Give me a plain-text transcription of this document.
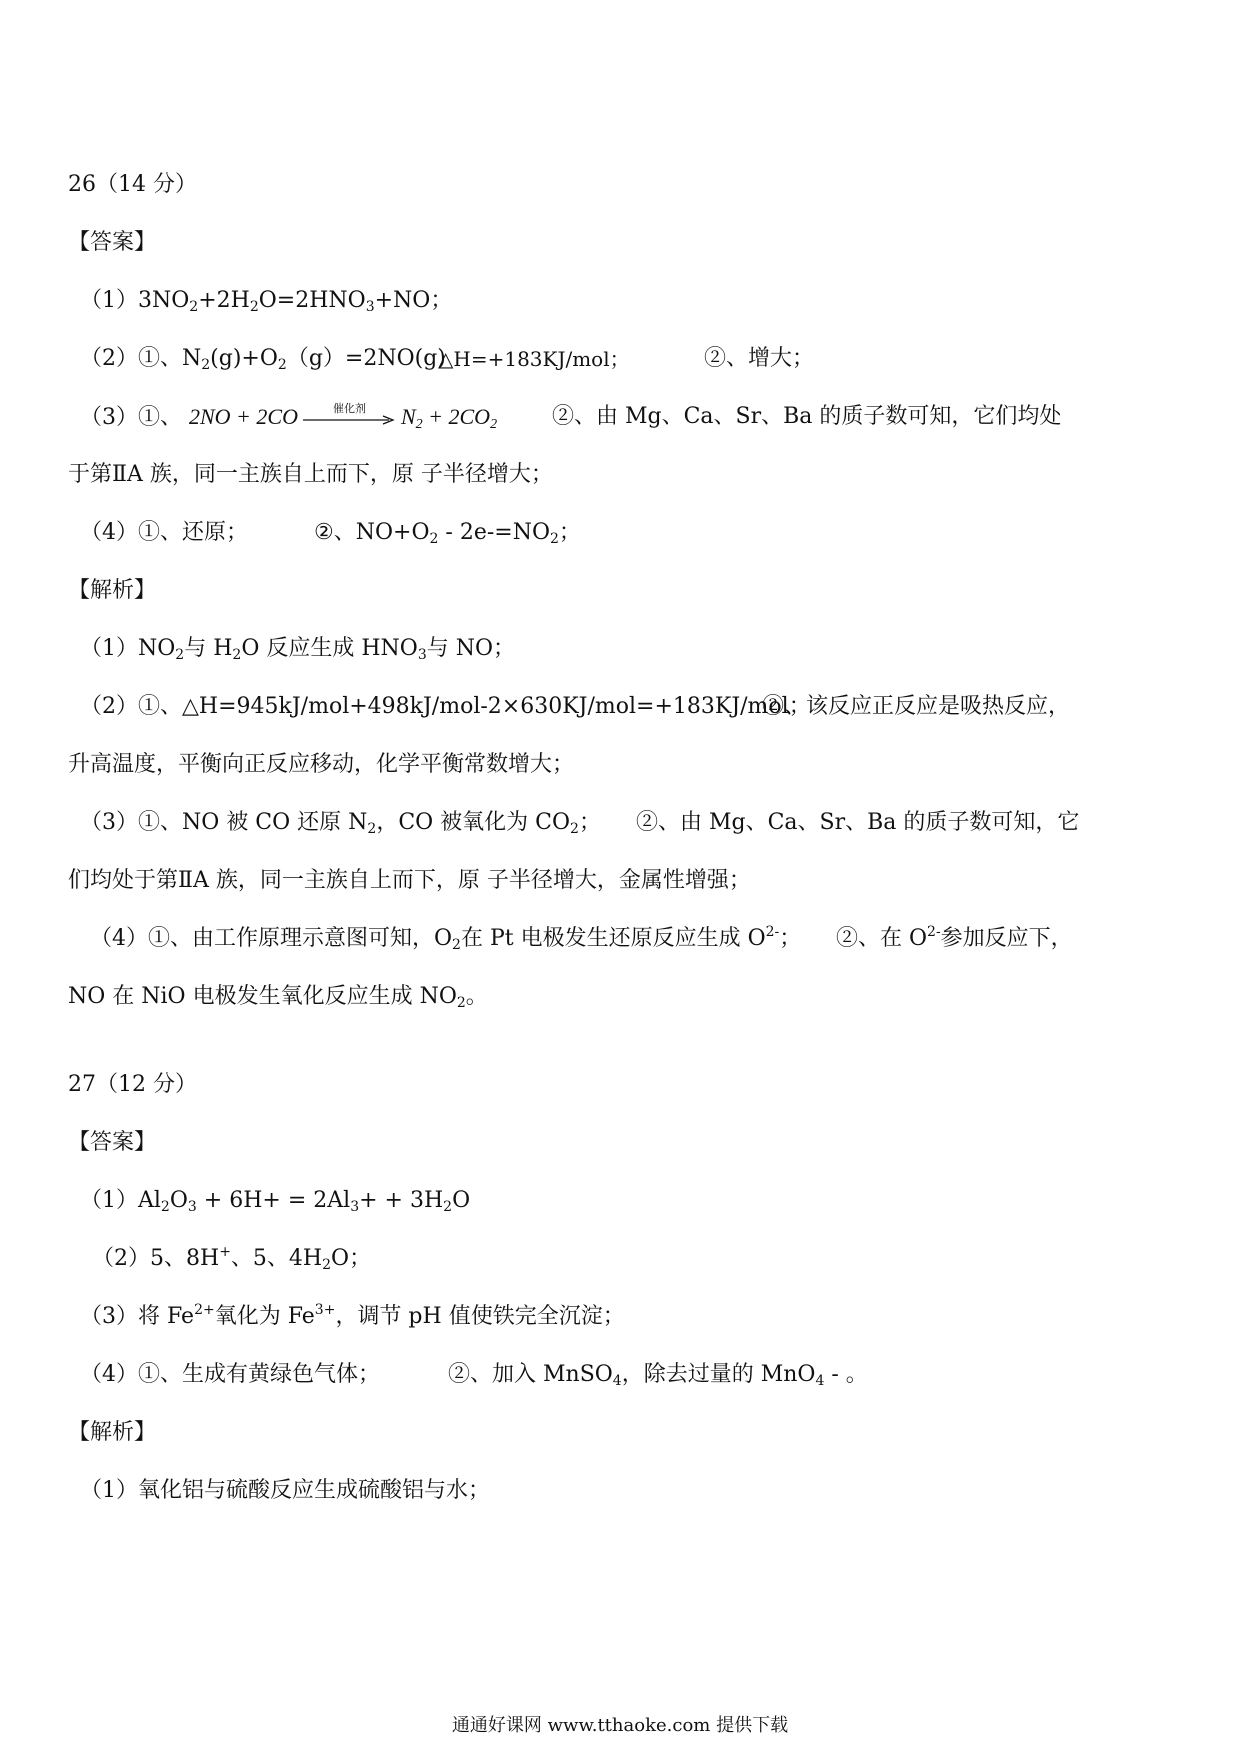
26（14 分）
【答案】
$(1)3NO_2+2H_2O=2HNO_3+NO$；
（2）①、$N_2(g)+O_2(g)=2NO(g)$
△H=+183KJ/mol；	②、增大；
（3）①、 2NO + 2CO	催化剂	$N_2 + 2CO_2$ ②、由 Mg、Ca、Sr、Ba 的质子数可知，它们均处
于第ⅡA 族，同一主族自上而下，原 子半径增大；
（4）①、还原；	②、$NO+O_2 - 2e-=NO_2$；
【解析】
$(1)NO_2$与 $H_2O$ 反应生成 $HNO_3$与 NO；
（2）①、△H=945kJ/mol+498kJ/mol-2×630KJ/mol=+183KJ/mol；
②、该反应正反应是吸热反应，
升高温度，平衡向正反应移动，化学平衡常数增大；
（3）①、NO 被 CO 还原 $N_2$，CO 被氧化为 $CO_2$； ②、由 Mg、Ca、Sr、Ba 的质子数可知，它
们均处于第ⅡA 族，同一主族自上而下，原 子半径增大，金属性增强；
（4）①、由工作原理示意图可知，$O_2$在 Pt 电极发生还原反应生成 $O^{2-}$； ②、在 $O^{2-}$参加反应下，
NO 在 NiO 电极发生氧化反应生成 $NO_2$。
27（12 分）
【答案】
$(1)Al_2O_3 + 6H+ = 2Al_3+ + 3H_2O$
（2）5、8H+、5、$4H_2O$；
（3）将 $Fe^{2+}$氧化为 $Fe^{3+}$，调节 pH 值使铁完全沉淀；
（4）①、生成有黄绿色气体；	②、加入 MnSO$_4$，除去过量的 MnO$_4$ - 。
【解析】
（1）氧化铝与硫酸反应生成硫酸铝与水；
通通好课网 www.tthaoke.com 提供下载
